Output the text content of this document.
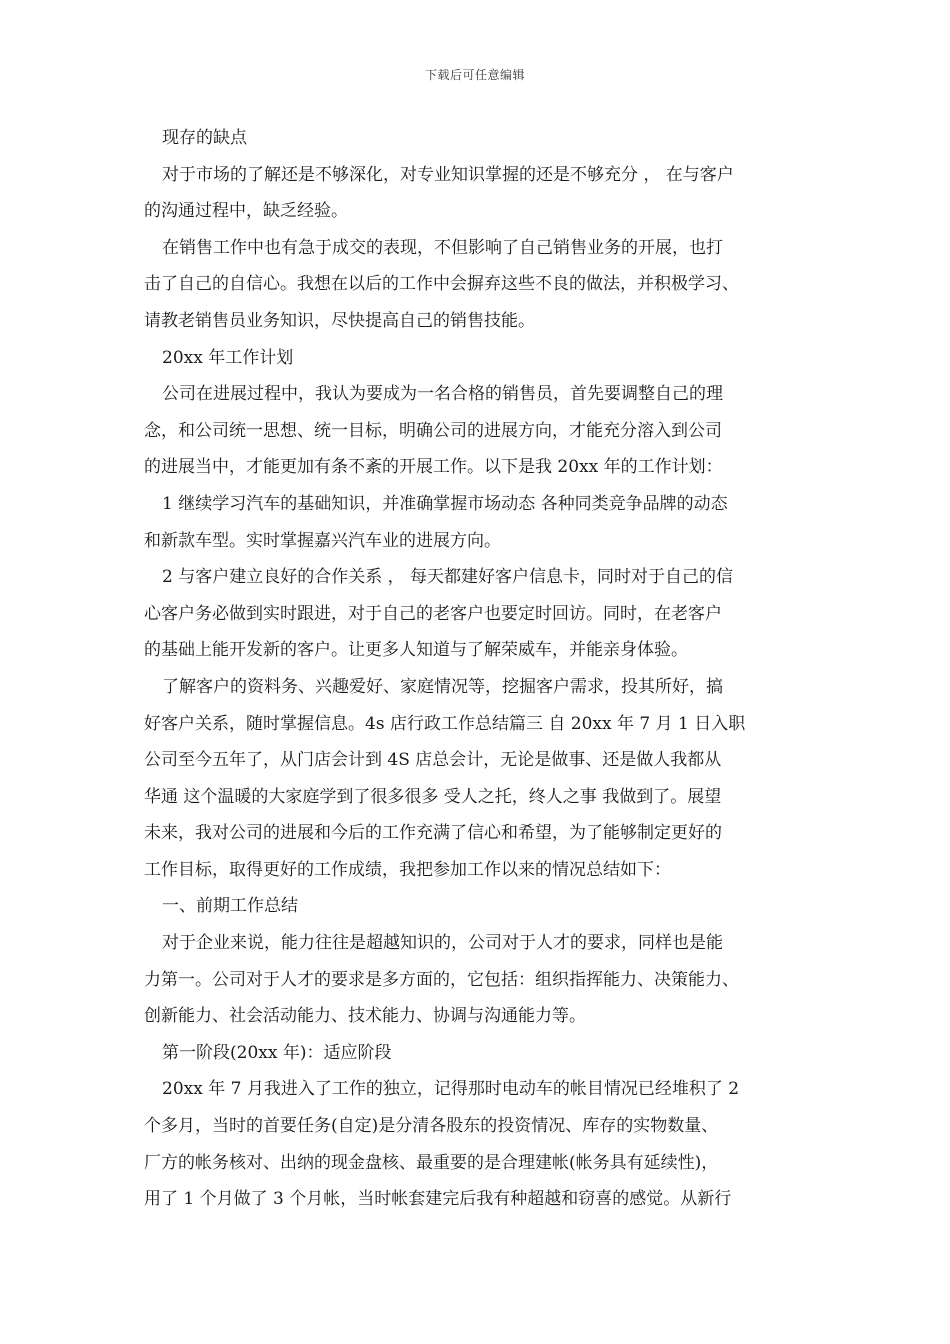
下载后可任意编辑
现存的缺点
对于市场的了解还是不够深化，对专业知识掌握的还是不够充分 ， 在与客户
的沟通过程中，缺乏经验。
在销售工作中也有急于成交的表现，不但影响了自己销售业务的开展，也打
击了自己的自信心。我想在以后的工作中会摒弃这些不良的做法，并积极学习、
请教老销售员业务知识，尽快提高自己的销售技能。
20xx 年工作计划
公司在进展过程中，我认为要成为一名合格的销售员，首先要调整自己的理
念，和公司统一思想、统一目标，明确公司的进展方向，才能充分溶入到公司
的进展当中，才能更加有条不紊的开展工作。以下是我 20xx 年的工作计划：
1 继续学习汽车的基础知识，并准确掌握市场动态 各种同类竞争品牌的动态
和新款车型。实时掌握嘉兴汽车业的进展方向。
2 与客户建立良好的合作关系 ， 每天都建好客户信息卡，同时对于自己的信
心客户务必做到实时跟进，对于自己的老客户也要定时回访。同时，在老客户
的基础上能开发新的客户。让更多人知道与了解荣威车，并能亲身体验。
了解客户的资料务、兴趣爱好、家庭情况等，挖掘客户需求，投其所好，搞
好客户关系，随时掌握信息。4s 店行政工作总结篇三 自 20xx 年 7 月 1 日入职
公司至今五年了，从门店会计到 4S 店总会计，无论是做事、还是做人我都从
华通 这个温暖的大家庭学到了很多很多 受人之托，终人之事 我做到了。展望
未来，我对公司的进展和今后的工作充满了信心和希望，为了能够制定更好的
工作目标，取得更好的工作成绩，我把参加工作以来的情况总结如下：
一、前期工作总结
对于企业来说，能力往往是超越知识的，公司对于人才的要求，同样也是能
力第一。公司对于人才的要求是多方面的，它包括：组织指挥能力、决策能力、
创新能力、社会活动能力、技术能力、协调与沟通能力等。
第一阶段(20xx 年)：适应阶段
20xx 年 7 月我进入了工作的独立，记得那时电动车的帐目情况已经堆积了 2
个多月，当时的首要任务(自定)是分清各股东的投资情况、库存的实物数量、
厂方的帐务核对、出纳的现金盘核、最重要的是合理建帐(帐务具有延续性)，
用了 1 个月做了 3 个月帐，当时帐套建完后我有种超越和窃喜的感觉。从新行
